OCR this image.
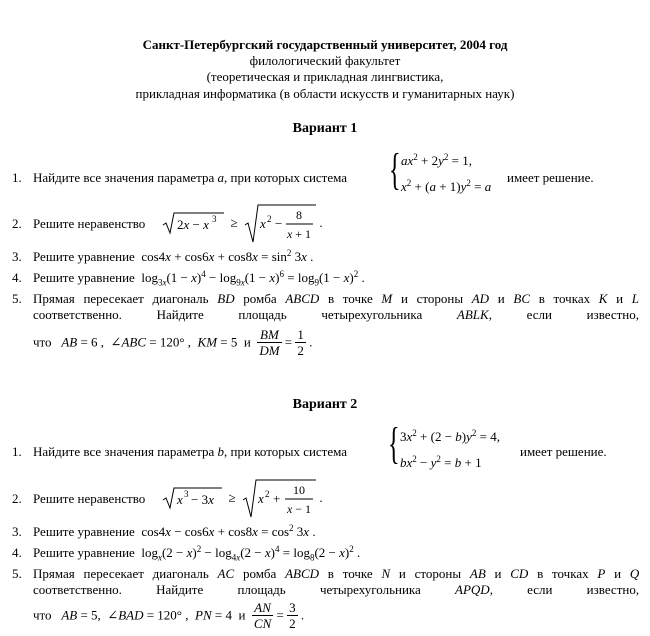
Санкт-Петербургский государственный университет, 2004 год
филологический факультет
(теоретическая и прикладная лингвистика,
прикладная информатика (в области искусств и гуманитарных наук)
Вариант 1
1. Найдите все значения параметра a, при которых система { $ax^2 + 2y^2 = 1$,
$x^2 + (a + 1)y^2 = a$
имеет решение.
2. Решите неравенство 2x − x 3 ≥ x 2 −
8
x + 1
.
3. Решите уравнение  $\cos 4x + \cos 6x + \cos 8x = \sin^2 3x$ .
4. Решите уравнение  $\log_{3x}(1 - x)^4 - \log_{9x}(1 - x)^6 = \log_9(1 - x)^2$ .
5. Прямая пересекает диагональ BD ромба ABCD в точке M и стороны AD и BC в точках K и L
соответственно.	Найдите	площадь	четырехугольника	ABLK,	если	известно,
что AB = 6 ,  ∠ABC = 120° ,  KM = 5  и $\frac{BM}{DM} = \frac{1}{2}$ .
Вариант 2
1. Найдите все значения параметра b, при которых система { $3x^2 + (2 - b)y^2 = 4$,
$bx^2 - y^2 = b + 1$
имеет решение.
2. Решите неравенство x 3 − 3x ≥ x 2 +
10
x − 1
.
3. Решите уравнение  $\cos 4x - \cos 6x + \cos 8x = \cos^2 3x$ .
4. Решите уравнение  $\log_x(2 - x)^2 - \log_{4x}(2 - x)^4 = \log_8(2 - x)^2$ .
5. Прямая пересекает диагональ AC ромба ABCD в точке N и стороны AB и CD в точках P и Q
соответственно.	Найдите	площадь	четырехугольника	APQD,	если	известно,
что AB = 5,  ∠BAD = 120° ,  PN = 4  и $\frac{AN}{CN} = \frac{3}{2}$ .
